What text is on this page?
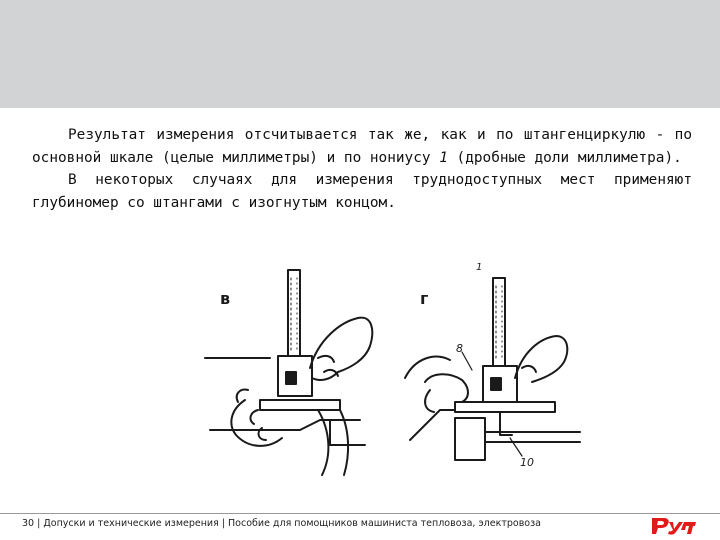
Результат измерения отсчитывается так же, как и по штангенциркулю - по основной шкале (целые миллиметры) и по нониусу 1 (дробные доли миллиметра).

В некоторых случаях для измерения труднодоступных мест применяют глубиномер со штангами с изогнутым концом.

в	г
1
8
10
30 | Допуски и технические измерения | Пособие для помощников машиниста тепловоза, электровоза
